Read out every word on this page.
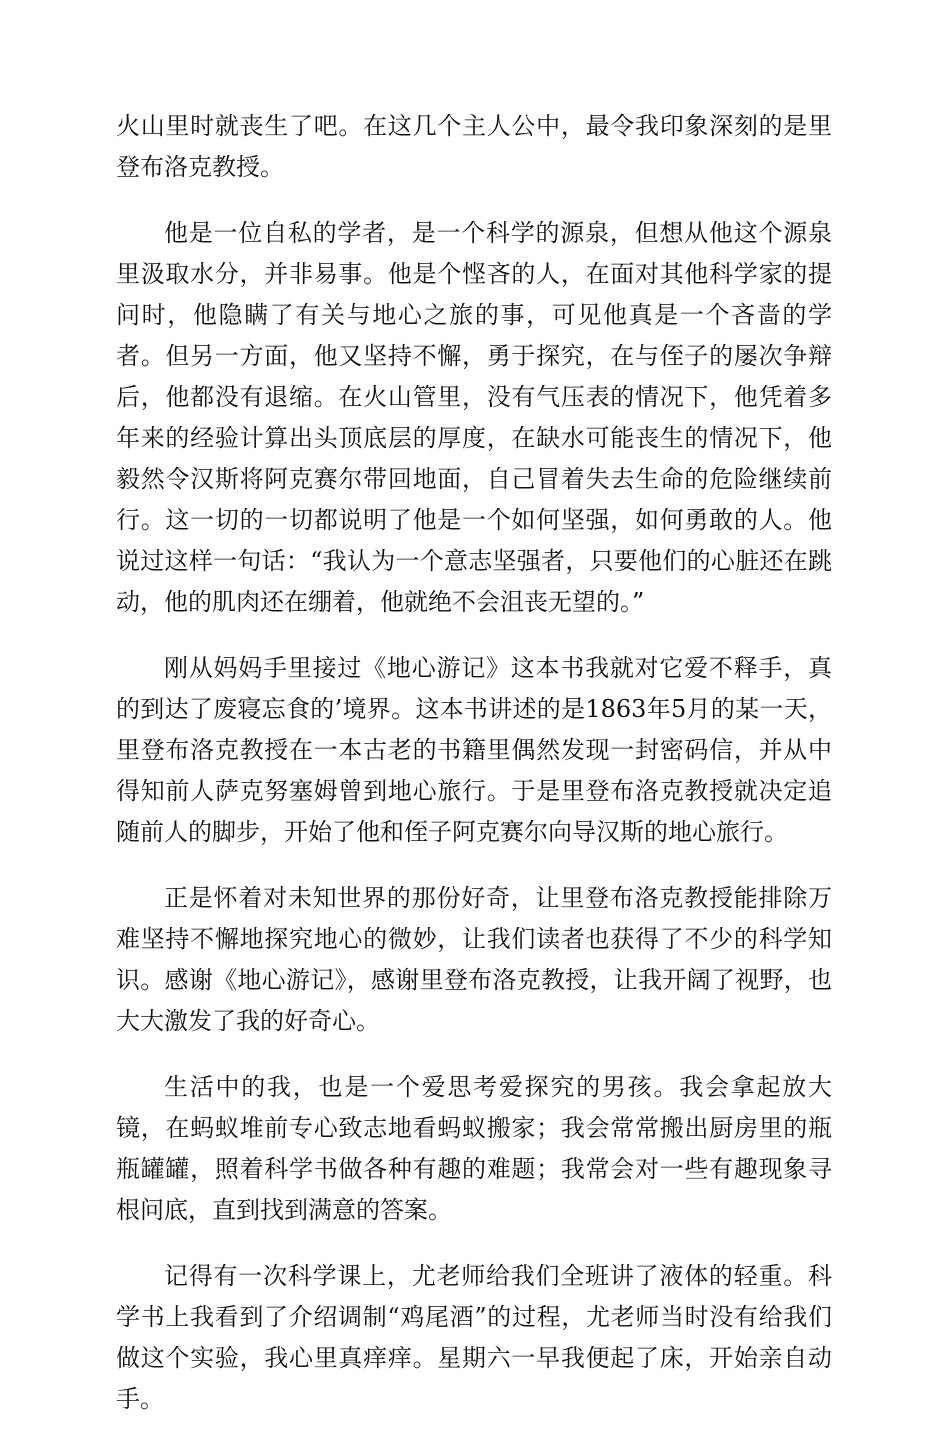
火山里时就丧生了吧。在这几个主人公中，最令我印象深刻的是里登布洛克教授。

他是一位自私的学者，是一个科学的源泉，但想从他这个源泉里汲取水分，并非易事。他是个悭吝的人，在面对其他科学家的提问时，他隐瞒了有关与地心之旅的事，可见他真是一个吝啬的学者。但另一方面，他又坚持不懈，勇于探究，在与侄子的屡次争辩后，他都没有退缩。在火山管里，没有气压表的情况下，他凭着多年来的经验计算出头顶底层的厚度，在缺水可能丧生的情况下，他毅然令汉斯将阿克赛尔带回地面，自己冒着失去生命的危险继续前行。这一切的一切都说明了他是一个如何坚强，如何勇敢的人。他说过这样一句话：“我认为一个意志坚强者，只要他们的心脏还在跳动，他的肌肉还在绷着，他就绝不会沮丧无望的。”

刚从妈妈手里接过《地心游记》这本书我就对它爱不释手，真的到达了废寝忘食的’境界。这本书讲述的是1863年5月的某一天，里登布洛克教授在一本古老的书籍里偶然发现一封密码信，并从中得知前人萨克努塞姆曾到地心旅行。于是里登布洛克教授就决定追随前人的脚步，开始了他和侄子阿克赛尔向导汉斯的地心旅行。

正是怀着对未知世界的那份好奇，让里登布洛克教授能排除万难坚持不懈地探究地心的微妙，让我们读者也获得了不少的科学知识。感谢《地心游记》，感谢里登布洛克教授，让我开阔了视野，也大大激发了我的好奇心。

生活中的我，也是一个爱思考爱探究的男孩。我会拿起放大镜，在蚂蚁堆前专心致志地看蚂蚁搬家；我会常常搬出厨房里的瓶瓶罐罐，照着科学书做各种有趣的难题；我常会对一些有趣现象寻根问底，直到找到满意的答案。

记得有一次科学课上，尤老师给我们全班讲了液体的轻重。科学书上我看到了介绍调制“鸡尾酒”的过程，尤老师当时没有给我们做这个实验，我心里真痒痒。星期六一早我便起了床，开始亲自动手。
